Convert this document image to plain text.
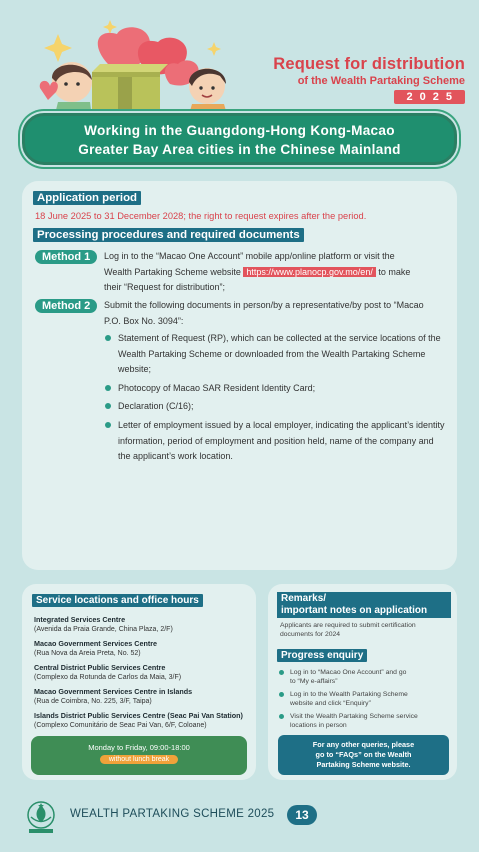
Request for distribution
of the Wealth Partaking Scheme
2025
Working in the Guangdong-Hong Kong-Macao
Greater Bay Area cities in the Chinese Mainland
Application period
18 June 2025 to 31 December 2028; the right to request expires after the period.
Processing procedures and required documents
Method 1	Log in to the “Macao One Account” mobile app/online platform or visit the
Wealth Partaking Scheme website https://www.planocp.gov.mo/en/ to make
their “Request for distribution”;
Method 2	Submit the following documents in person/by a representative/by post to “Macao P.O. Box No. 3094”:
Statement of Request (RP), which can be collected at the service locations of the Wealth Partaking Scheme or downloaded from the Wealth Partaking Scheme website;
Photocopy of Macao SAR Resident Identity Card;
Declaration (C/16);
Letter of employment issued by a local employer, indicating the applicant’s identity information, period of employment and position held, name of the company and the applicant’s work location.
Service locations and office hours
Integrated Services Centre
(Avenida da Praia Grande, China Plaza, 2/F)
Macao Government Services Centre
(Rua Nova da Areia Preta, No. 52)
Central District Public Services Centre
(Complexo da Rotunda de Carlos da Maia, 3/F)
Macao Government Services Centre in Islands
(Rua de Coimbra, No. 225, 3/F, Taipa)
Islands District Public Services Centre (Seac Pai Van Station)
(Complexo Comunitário de Seac Pai Van, 6/F, Coloane)
Monday to Friday, 09:00-18:00
without lunch break
Remarks/
important notes on application
Applicants are required to submit certification
documents for 2024
Progress enquiry
Log in to “Macao One Account” and go
to “My e-affairs”
Log in to the Wealth Partaking Scheme
website and click “Enquiry”
Visit the Wealth Partaking Scheme service
locations in person
For any other queries, please
go to “FAQs” on the Wealth
Partaking Scheme website.
WEALTH PARTAKING SCHEME 2025	13
